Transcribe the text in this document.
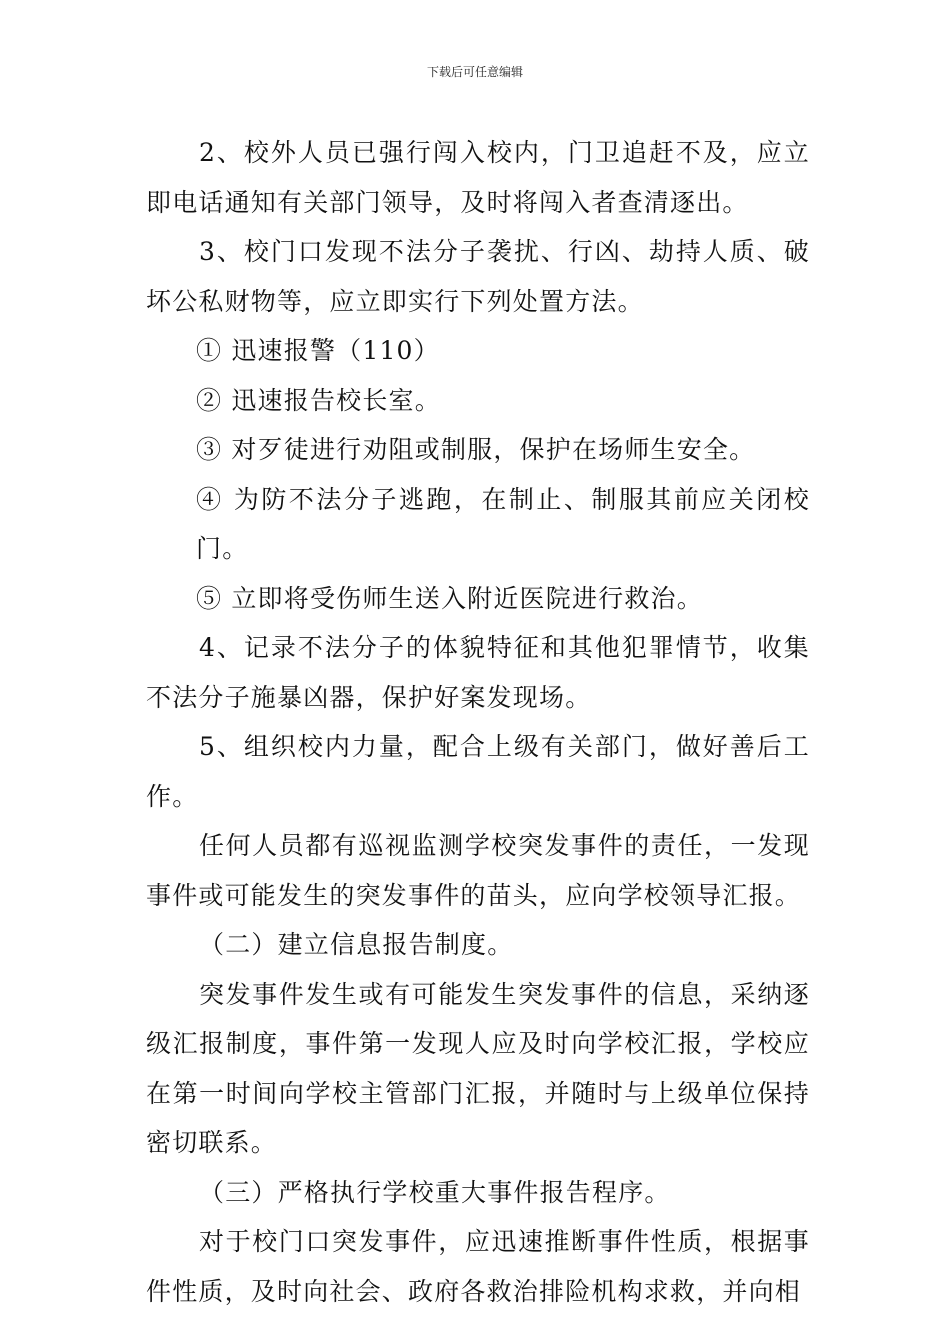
下载后可任意编辑

2、校外人员已强行闯入校内，门卫追赶不及，应立即电话通知有关部门领导，及时将闯入者查清逐出。

3、校门口发现不法分子袭扰、行凶、劫持人质、破坏公私财物等，应立即实行下列处置方法。

① 迅速报警（110）

② 迅速报告校长室。

③ 对歹徒进行劝阻或制服，保护在场师生安全。

④ 为防不法分子逃跑，在制止、制服其前应关闭校门。

⑤ 立即将受伤师生送入附近医院进行救治。

4、记录不法分子的体貌特征和其他犯罪情节，收集不法分子施暴凶器，保护好案发现场。

5、组织校内力量，配合上级有关部门，做好善后工作。

任何人员都有巡视监测学校突发事件的责任，一发现事件或可能发生的突发事件的苗头，应向学校领导汇报。

（二）建立信息报告制度。

突发事件发生或有可能发生突发事件的信息，采纳逐级汇报制度，事件第一发现人应及时向学校汇报，学校应在第一时间向学校主管部门汇报，并随时与上级单位保持密切联系。

（三）严格执行学校重大事件报告程序。

对于校门口突发事件，应迅速推断事件性质，根据事件性质，及时向社会、政府各救治排险机构求救，并向相
